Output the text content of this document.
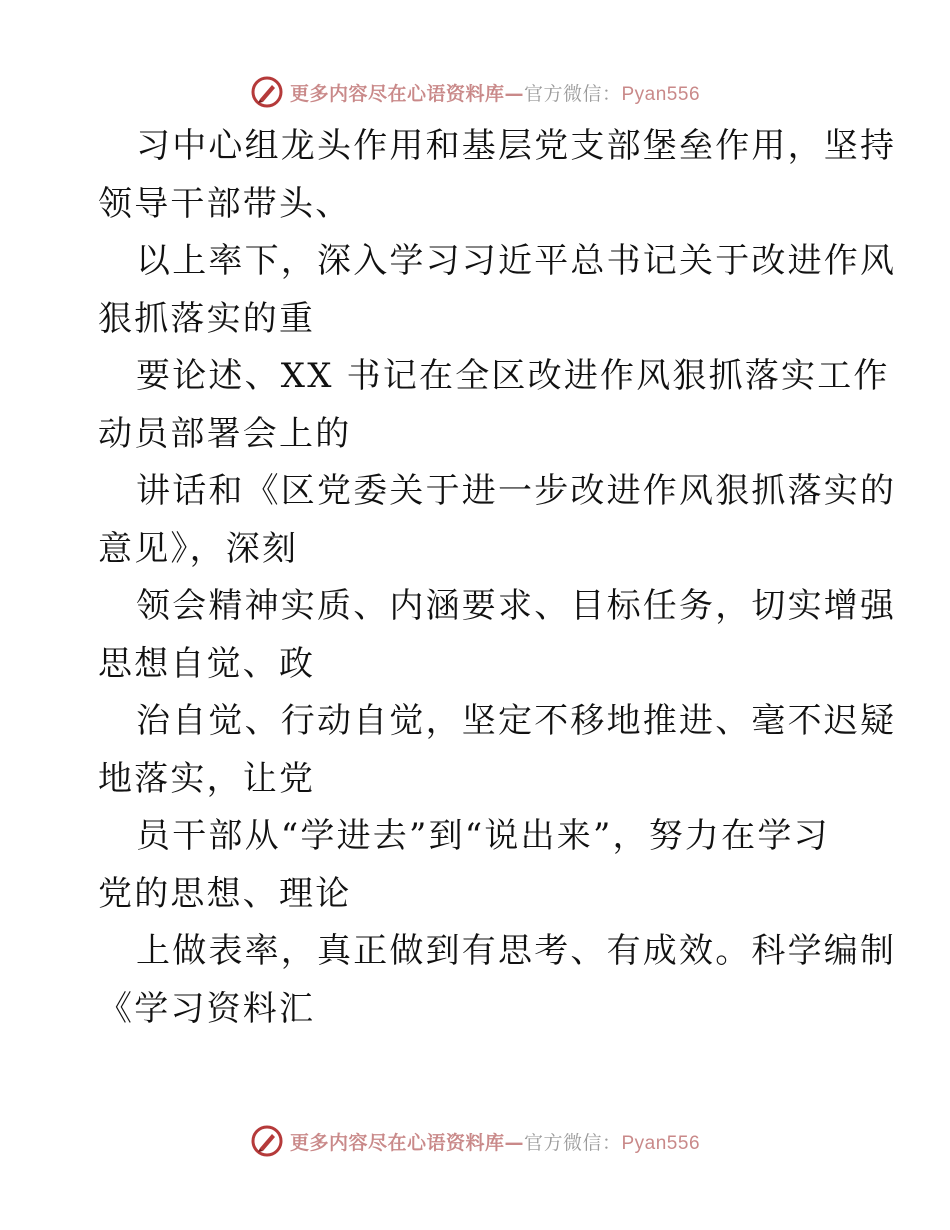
更多内容尽在心语资料库—官方微信：Pyan556
习中心组龙头作用和基层党支部堡垒作用，坚持
领导干部带头、
以上率下，深入学习习近平总书记关于改进作风
狠抓落实的重
要论述、XX 书记在全区改进作风狠抓落实工作
动员部署会上的
讲话和《区党委关于进一步改进作风狠抓落实的
意见》，深刻
领会精神实质、内涵要求、目标任务，切实增强
思想自觉、政
治自觉、行动自觉，坚定不移地推进、毫不迟疑
地落实，让党
员干部从“学进去”到“说出来”，努力在学习
党的思想、理论
上做表率，真正做到有思考、有成效。科学编制
《学习资料汇
更多内容尽在心语资料库—官方微信：Pyan556
